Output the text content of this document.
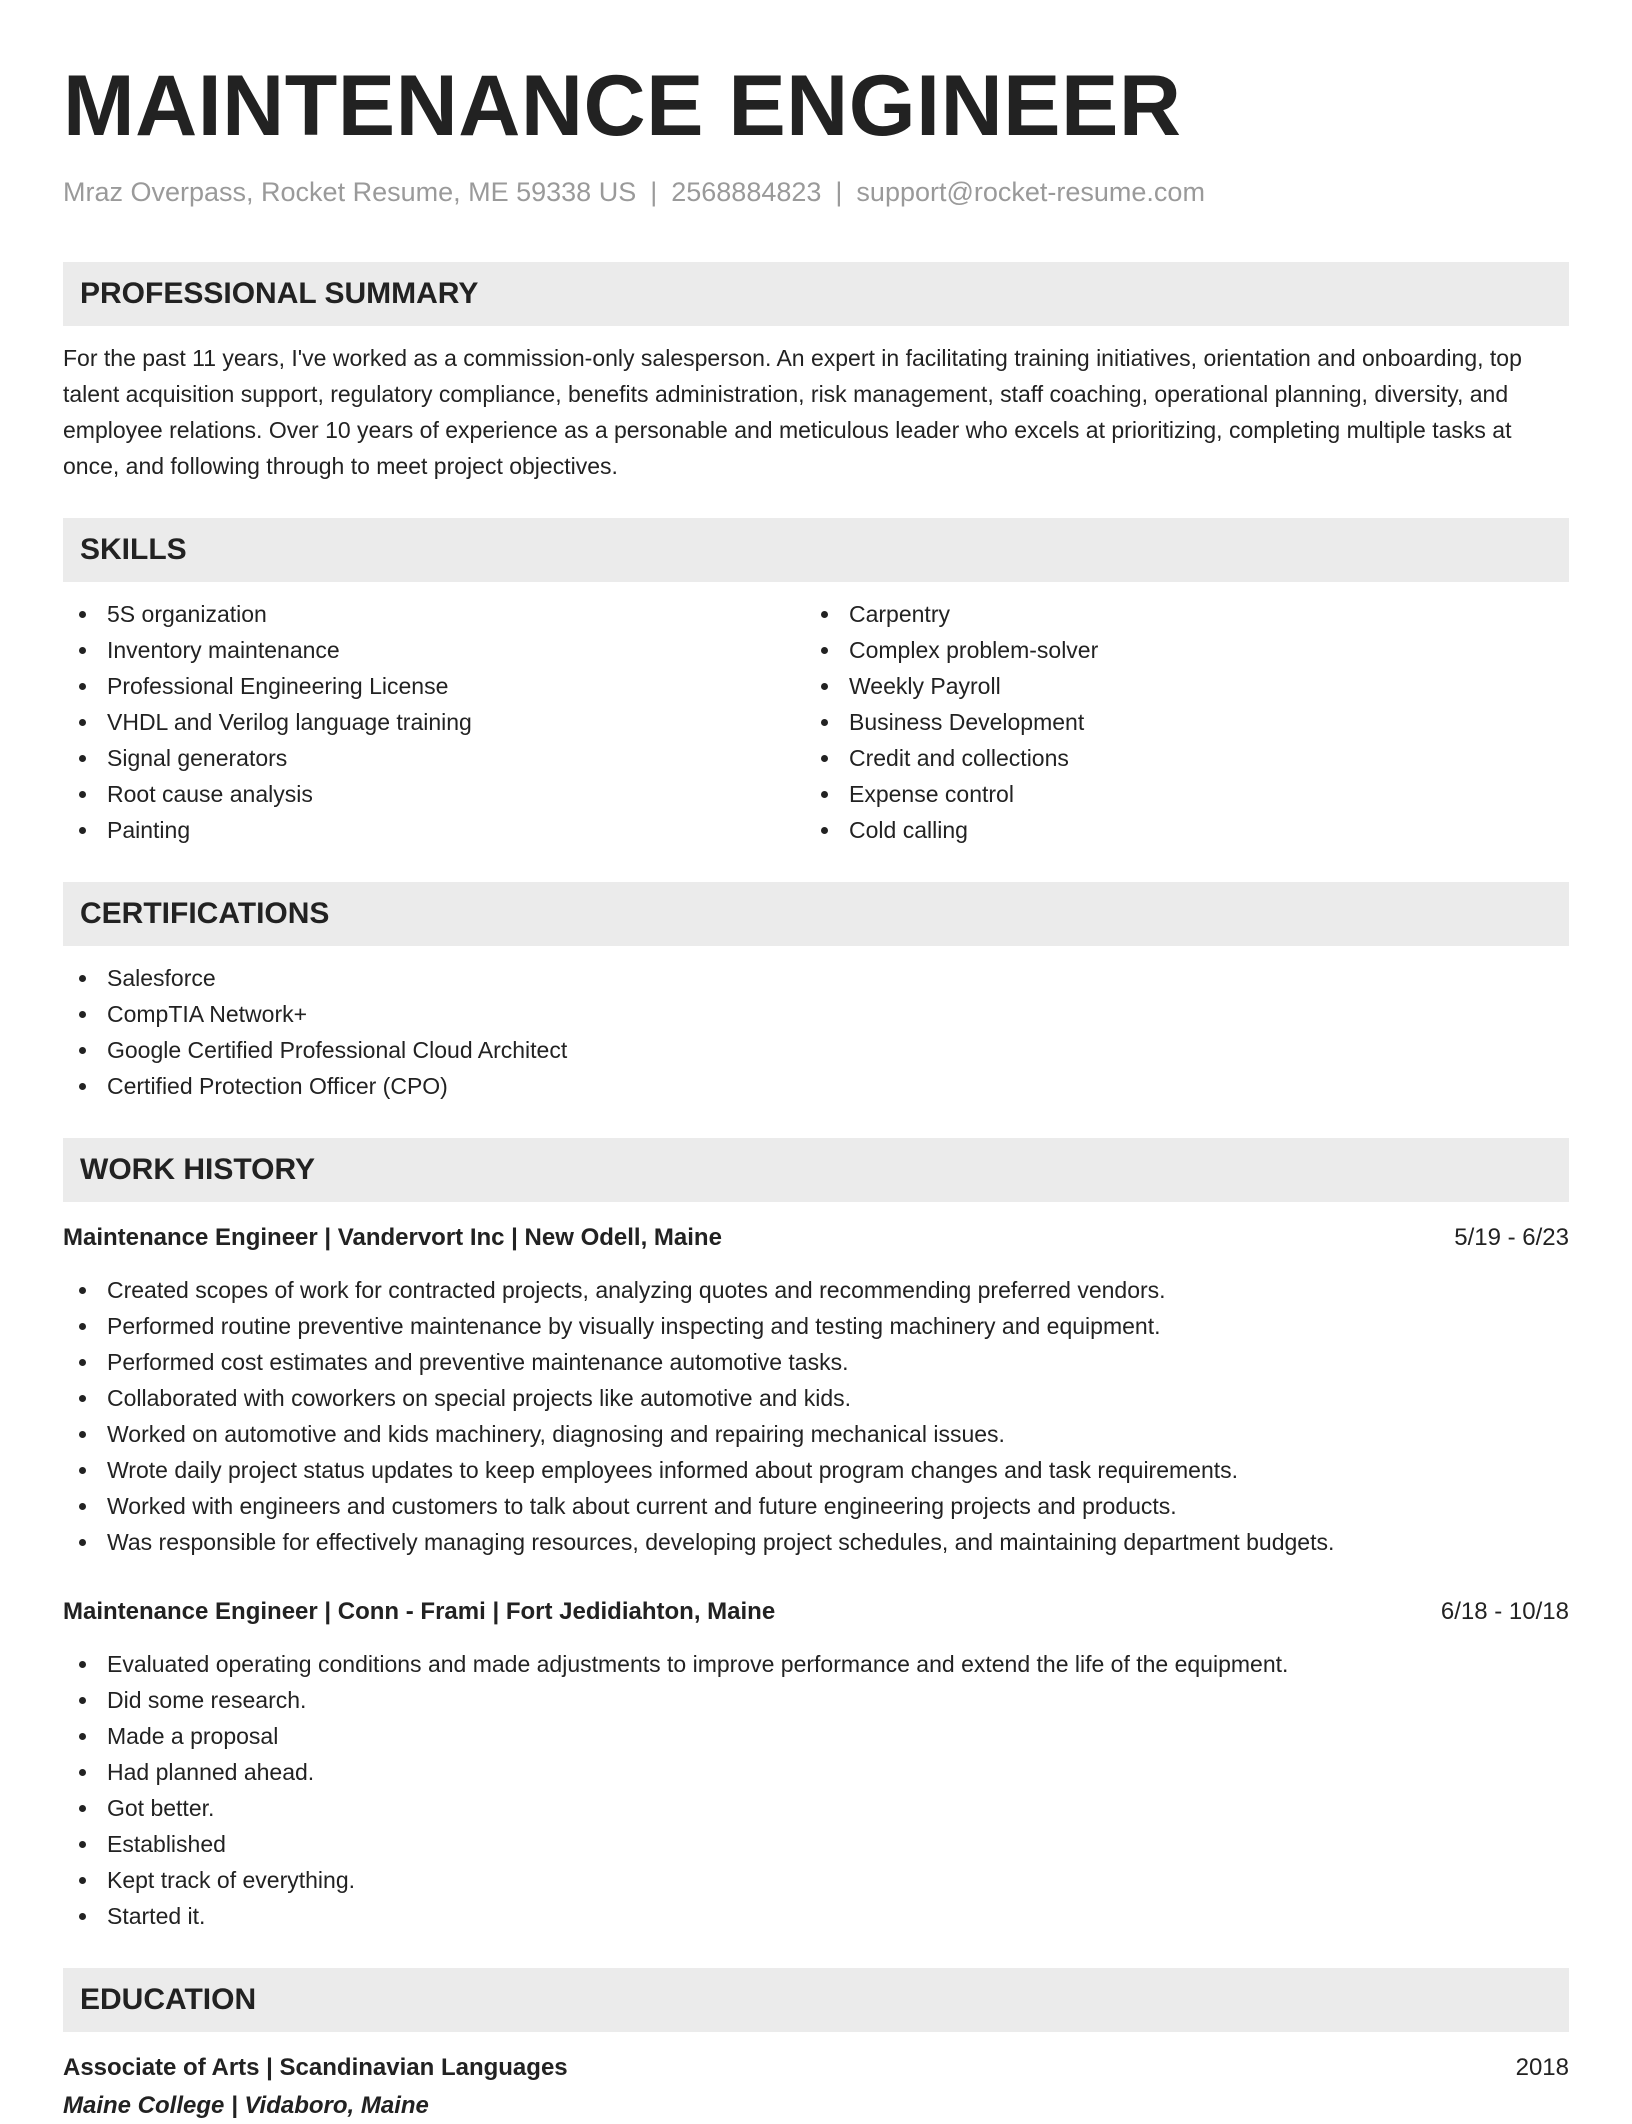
MAINTENANCE ENGINEER
Mraz Overpass, Rocket Resume, ME 59338 US | 2568884823 | support@rocket-resume.com
PROFESSIONAL SUMMARY
For the past 11 years, I've worked as a commission-only salesperson. An expert in facilitating training initiatives, orientation and onboarding, top talent acquisition support, regulatory compliance, benefits administration, risk management, staff coaching, operational planning, diversity, and employee relations. Over 10 years of experience as a personable and meticulous leader who excels at prioritizing, completing multiple tasks at once, and following through to meet project objectives.
SKILLS
5S organization
Inventory maintenance
Professional Engineering License
VHDL and Verilog language training
Signal generators
Root cause analysis
Painting
Carpentry
Complex problem-solver
Weekly Payroll
Business Development
Credit and collections
Expense control
Cold calling
CERTIFICATIONS
Salesforce
CompTIA Network+
Google Certified Professional Cloud Architect
Certified Protection Officer (CPO)
WORK HISTORY
Maintenance Engineer | Vandervort Inc | New Odell, Maine	5/19 - 6/23
Created scopes of work for contracted projects, analyzing quotes and recommending preferred vendors.
Performed routine preventive maintenance by visually inspecting and testing machinery and equipment.
Performed cost estimates and preventive maintenance automotive tasks.
Collaborated with coworkers on special projects like automotive and kids.
Worked on automotive and kids machinery, diagnosing and repairing mechanical issues.
Wrote daily project status updates to keep employees informed about program changes and task requirements.
Worked with engineers and customers to talk about current and future engineering projects and products.
Was responsible for effectively managing resources, developing project schedules, and maintaining department budgets.
Maintenance Engineer | Conn - Frami | Fort Jedidiahton, Maine	6/18 - 10/18
Evaluated operating conditions and made adjustments to improve performance and extend the life of the equipment.
Did some research.
Made a proposal
Had planned ahead.
Got better.
Established
Kept track of everything.
Started it.
EDUCATION
Associate of Arts | Scandinavian Languages	2018
Maine College | Vidaboro, Maine
